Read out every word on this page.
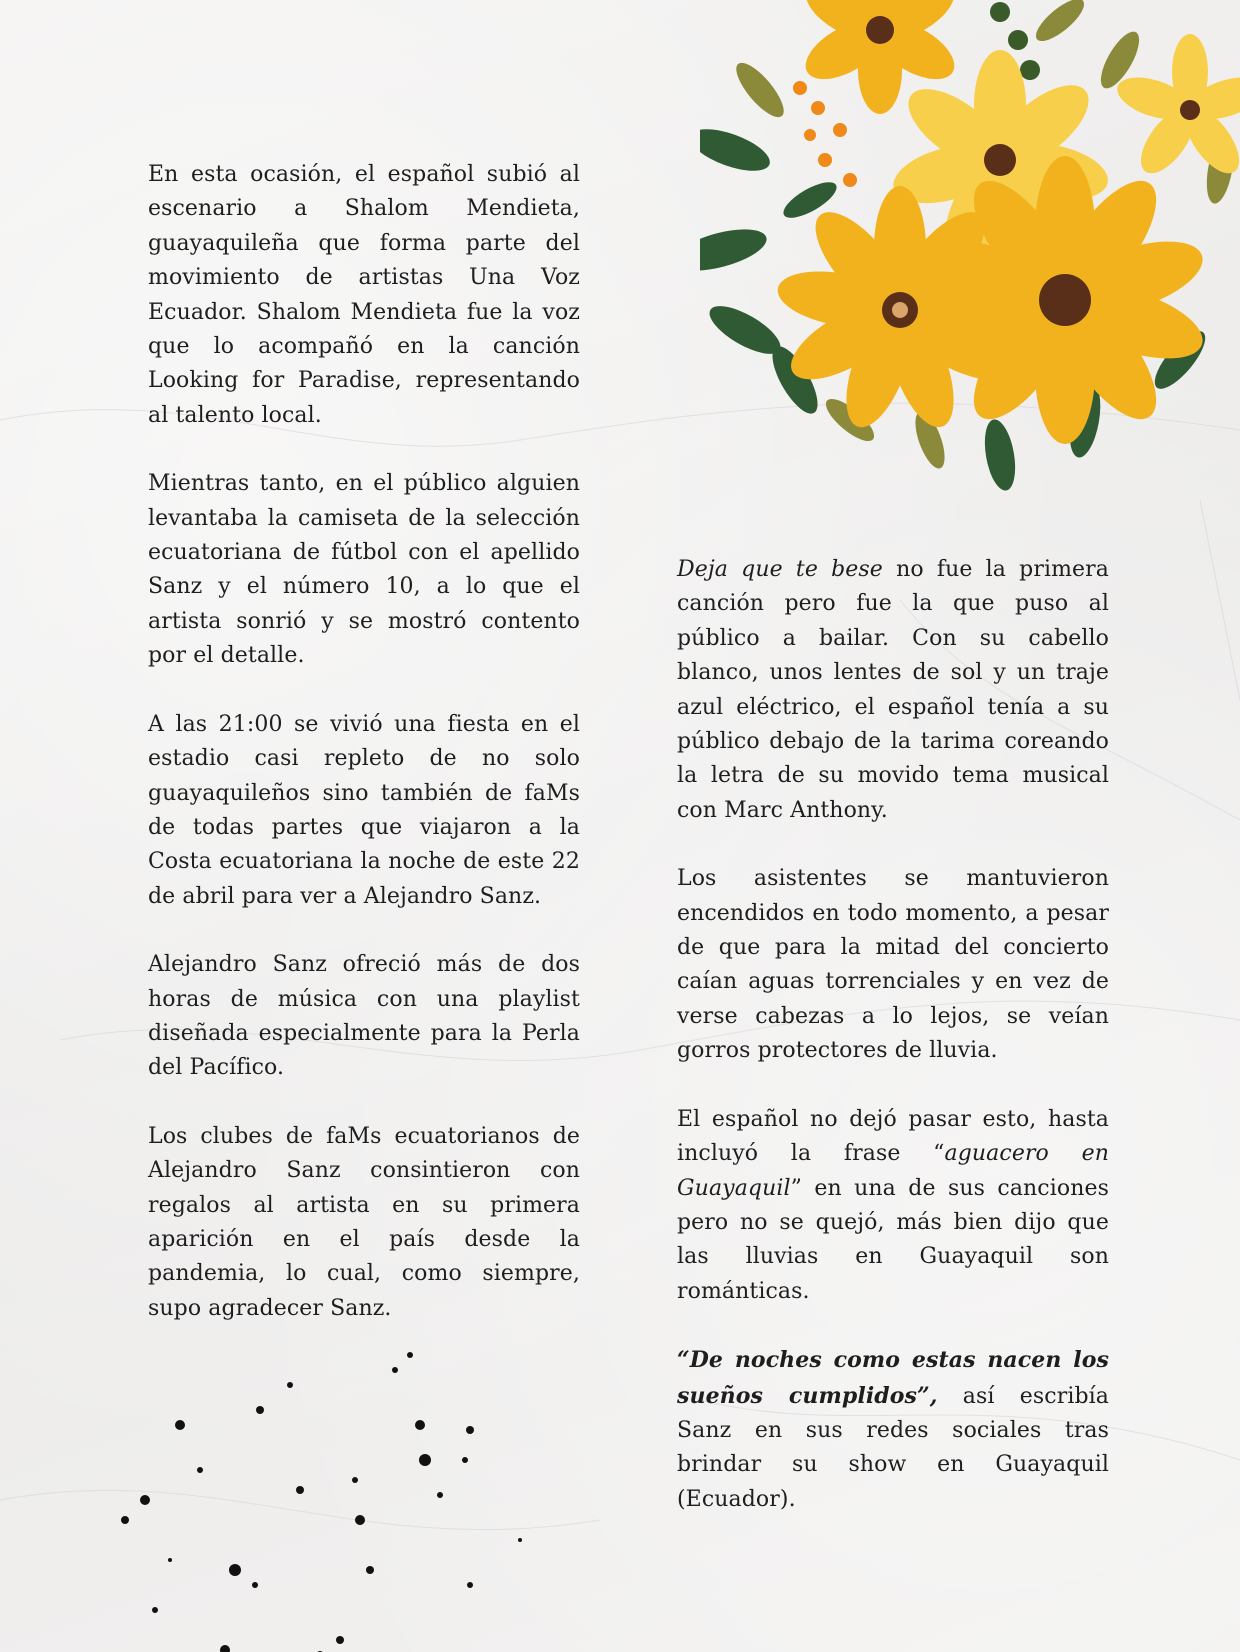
En esta ocasión, el español subió al escenario a Shalom Mendieta, guayaquileña que forma parte del movimiento de artistas Una Voz Ecuador. Shalom Mendieta fue la voz que lo acompañó en la canción Looking for Paradise, representando al talento local.

Mientras tanto, en el público alguien levantaba la camiseta de la selección ecuatoriana de fútbol con el apellido Sanz y el número 10, a lo que el artista sonrió y se mostró contento por el detalle.

A las 21:00 se vivió una fiesta en el estadio casi repleto de no solo guayaquileños sino también de faMs de todas partes que viajaron a la Costa ecuatoriana la noche de este 22 de abril para ver a Alejandro Sanz.

Alejandro Sanz ofreció más de dos horas de música con una playlist diseñada especialmente para la Perla del Pacífico.

Los clubes de faMs ecuatorianos de Alejandro Sanz consintieron con regalos al artista en su primera aparición en el país desde la pandemia, lo cual, como siempre, supo agradecer Sanz.

Deja que te bese no fue la primera canción pero fue la que puso al público a bailar. Con su cabello blanco, unos lentes de sol y un traje azul eléctrico, el español tenía a su público debajo de la tarima coreando la letra de su movido tema musical con Marc Anthony.

Los asistentes se mantuvieron encendidos en todo momento, a pesar de que para la mitad del concierto caían aguas torrenciales y en vez de verse cabezas a lo lejos, se veían gorros protectores de lluvia.

El español no dejó pasar esto, hasta incluyó la frase “aguacero en Guayaquil” en una de sus canciones pero no se quejó, más bien dijo que las lluvias en Guayaquil son románticas.

“De noches como estas nacen los sueños cumplidos”, así escribía Sanz en sus redes sociales tras brindar su show en Guayaquil (Ecuador).
